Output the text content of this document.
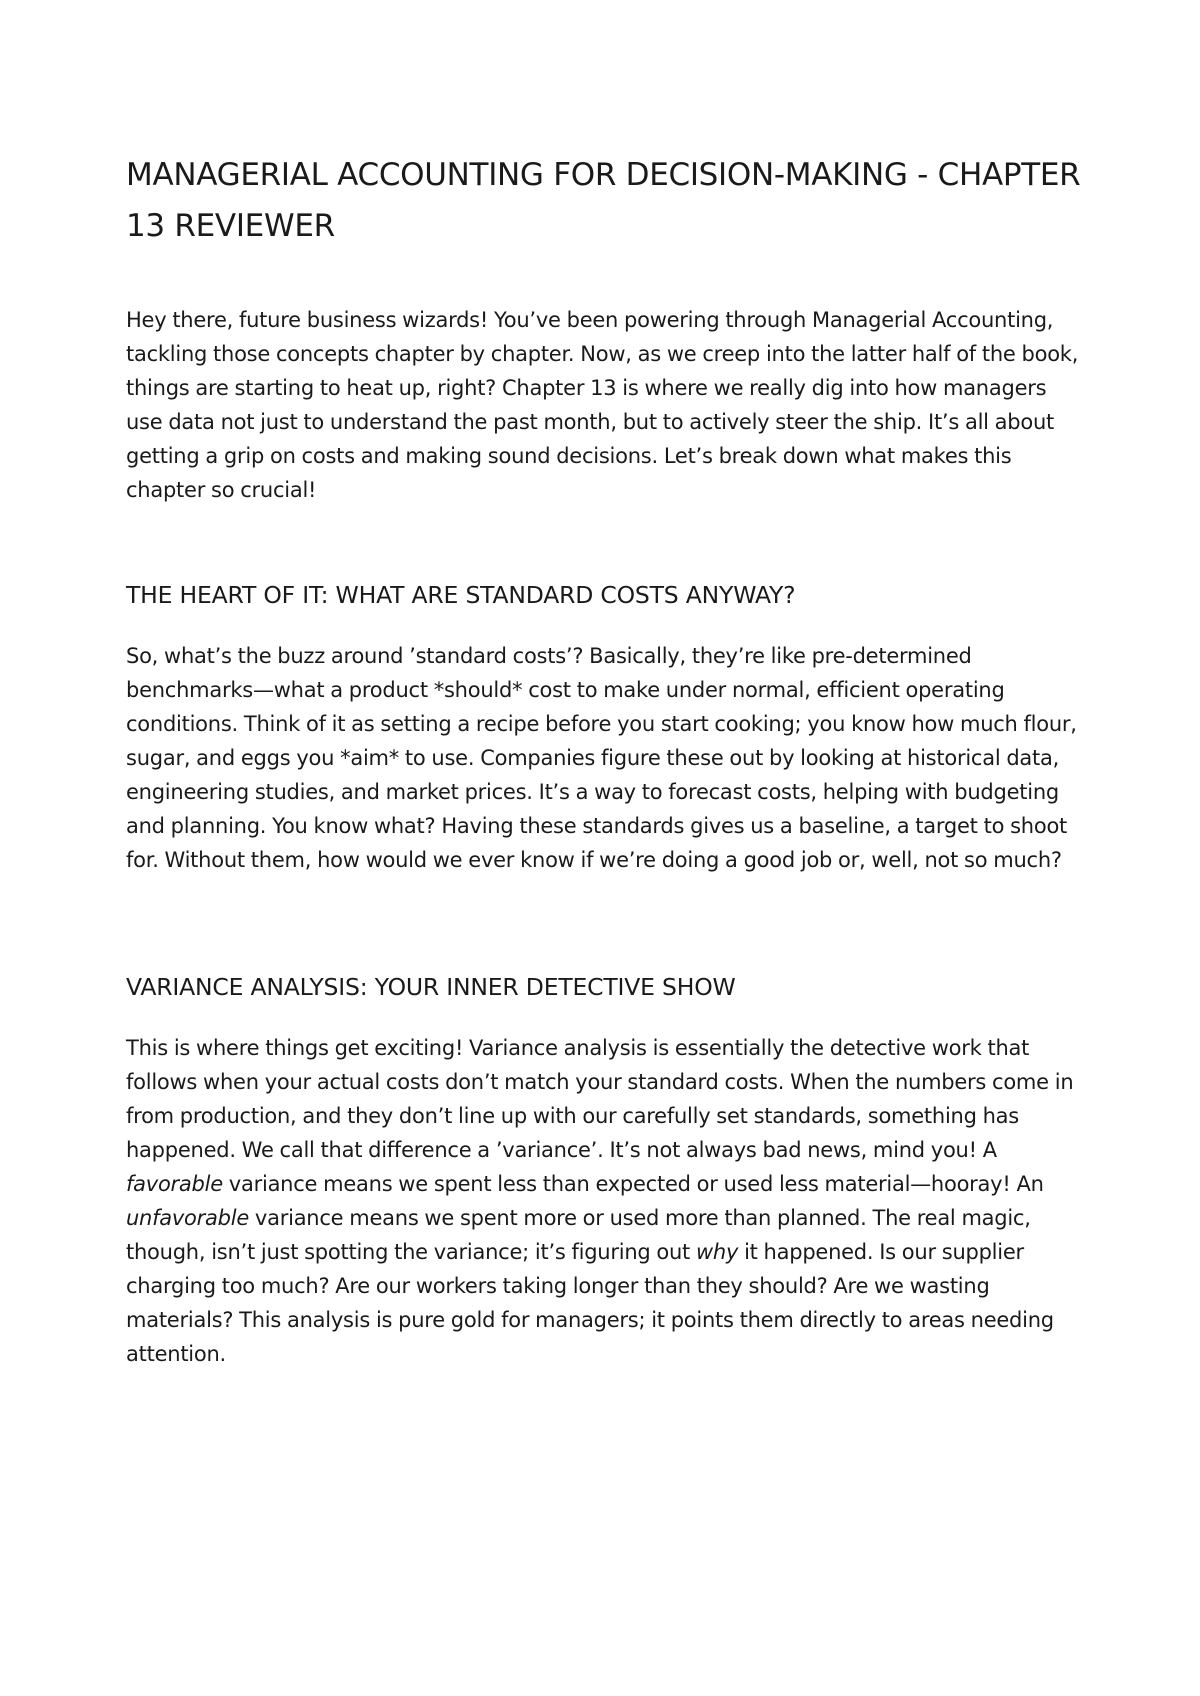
MANAGERIAL ACCOUNTING FOR DECISION-MAKING - CHAPTER 13 REVIEWER

Hey there, future business wizards! You’ve been powering through Managerial Accounting, tackling those concepts chapter by chapter. Now, as we creep into the latter half of the book, things are starting to heat up, right? Chapter 13 is where we really dig into how managers use data not just to understand the past month, but to actively steer the ship. It’s all about getting a grip on costs and making sound decisions. Let’s break down what makes this chapter so crucial!

THE HEART OF IT: WHAT ARE STANDARD COSTS ANYWAY?

So, what’s the buzz around ’standard costs’? Basically, they’re like pre-determined benchmarks—what a product *should* cost to make under normal, efficient operating conditions. Think of it as setting a recipe before you start cooking; you know how much flour, sugar, and eggs you *aim* to use. Companies figure these out by looking at historical data, engineering studies, and market prices. It’s a way to forecast costs, helping with budgeting and planning. You know what? Having these standards gives us a baseline, a target to shoot for. Without them, how would we ever know if we’re doing a good job or, well, not so much?

VARIANCE ANALYSIS: YOUR INNER DETECTIVE SHOW

This is where things get exciting! Variance analysis is essentially the detective work that follows when your actual costs don’t match your standard costs. When the numbers come in from production, and they don’t line up with our carefully set standards, something has happened. We call that difference a ’variance’. It’s not always bad news, mind you! A favorable variance means we spent less than expected or used less material—hooray! An unfavorable variance means we spent more or used more than planned. The real magic, though, isn’t just spotting the variance; it’s figuring out why it happened. Is our supplier charging too much? Are our workers taking longer than they should? Are we wasting materials? This analysis is pure gold for managers; it points them directly to areas needing attention.
